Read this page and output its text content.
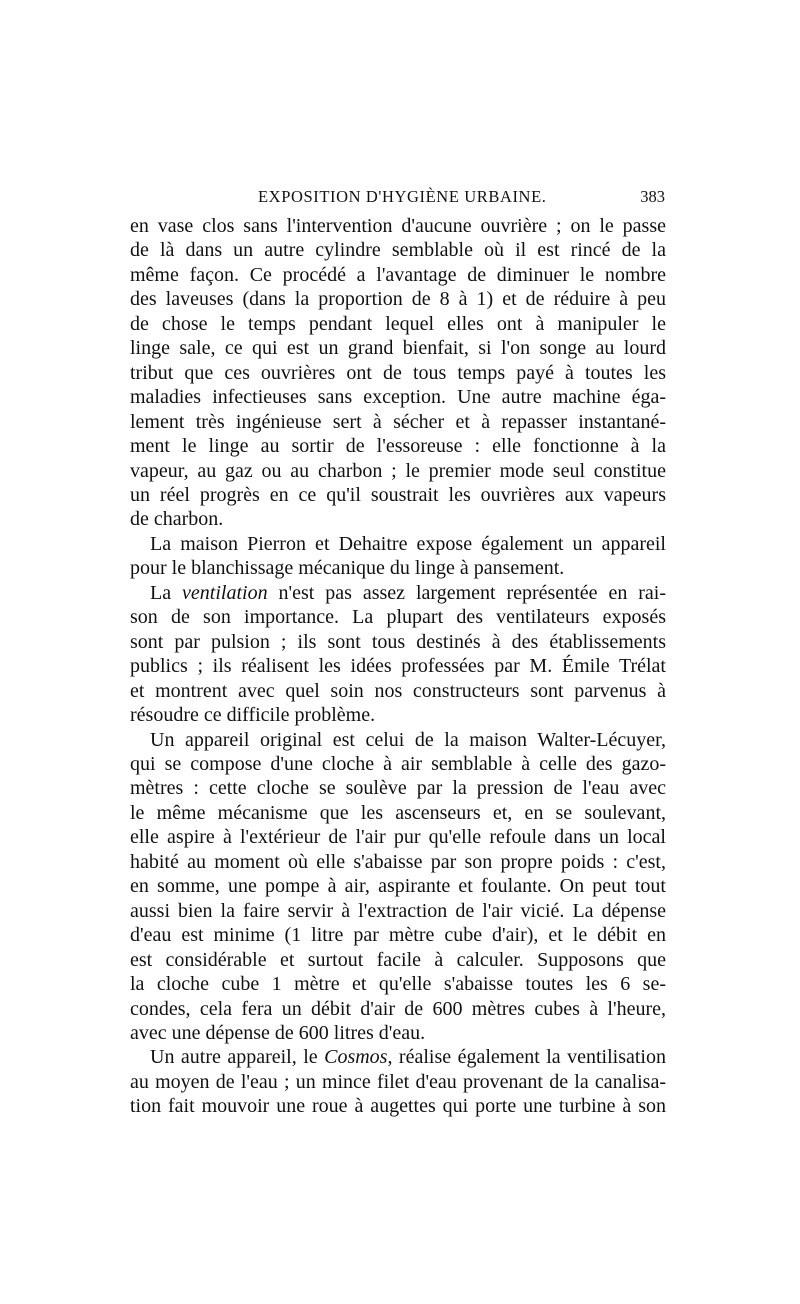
EXPOSITION D'HYGIÈNE URBAINE.	383
en vase clos sans l'intervention d'aucune ouvrière ; on le passe
de là dans un autre cylindre semblable où il est rincé de la
même façon. Ce procédé a l'avantage de diminuer le nombre
des laveuses (dans la proportion de 8 à 1) et de réduire à peu
de chose le temps pendant lequel elles ont à manipuler le
linge sale, ce qui est un grand bienfait, si l'on songe au lourd
tribut que ces ouvrières ont de tous temps payé à toutes les
maladies infectieuses sans exception. Une autre machine éga-
lement très ingénieuse sert à sécher et à repasser instantané-
ment le linge au sortir de l'essoreuse : elle fonctionne à la
vapeur, au gaz ou au charbon ; le premier mode seul constitue
un réel progrès en ce qu'il soustrait les ouvrières aux vapeurs
de charbon.
La maison Pierron et Dehaitre expose également un appareil
pour le blanchissage mécanique du linge à pansement.
La ventilation n'est pas assez largement représentée en rai-
son de son importance. La plupart des ventilateurs exposés
sont par pulsion ; ils sont tous destinés à des établissements
publics ; ils réalisent les idées professées par M. Émile Trélat
et montrent avec quel soin nos constructeurs sont parvenus à
résoudre ce difficile problème.
Un appareil original est celui de la maison Walter-Lécuyer,
qui se compose d'une cloche à air semblable à celle des gazo-
mètres : cette cloche se soulève par la pression de l'eau avec
le même mécanisme que les ascenseurs et, en se soulevant,
elle aspire à l'extérieur de l'air pur qu'elle refoule dans un local
habité au moment où elle s'abaisse par son propre poids : c'est,
en somme, une pompe à air, aspirante et foulante. On peut tout
aussi bien la faire servir à l'extraction de l'air vicié. La dépense
d'eau est minime (1 litre par mètre cube d'air), et le débit en
est considérable et surtout facile à calculer. Supposons que
la cloche cube 1 mètre et qu'elle s'abaisse toutes les 6 se-
condes, cela fera un débit d'air de 600 mètres cubes à l'heure,
avec une dépense de 600 litres d'eau.
Un autre appareil, le Cosmos, réalise également la ventilisation
au moyen de l'eau ; un mince filet d'eau provenant de la canalisa-
tion fait mouvoir une roue à augettes qui porte une turbine à son
